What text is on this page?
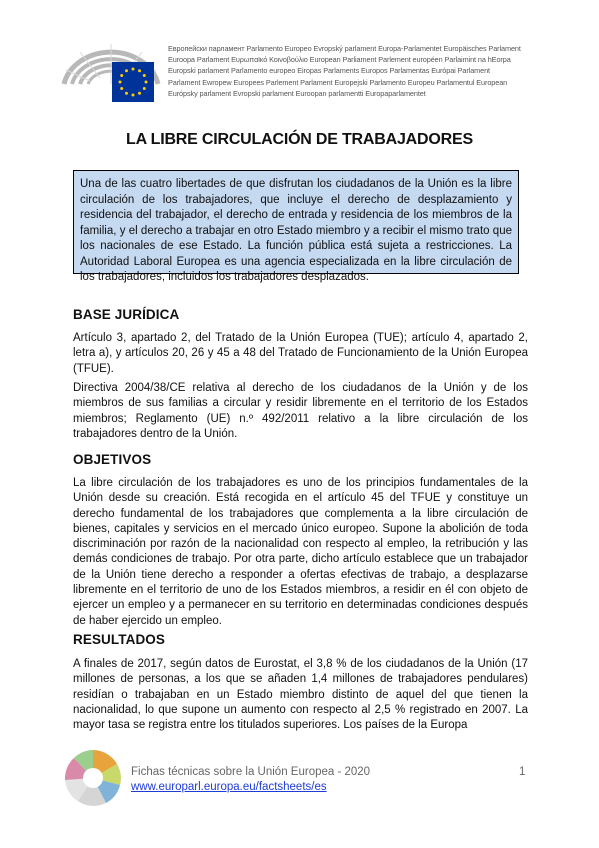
Европейски парламент Parlamento Europeo Evropský parlament Europa-Parlamentet Europäisches Parlament
Euroopa Parlament Ευρωπαϊκό Κοινοβούλιο European Parliament Parlement européen Parlaimint na hEorpa
Europski parlament Parlamento europeo Eiropas Parlaments Europos Parlamentas Európai Parlament
Parlament Ewropew Europees Parlement Parlament Europejski Parlamento Europeu Parlamentul European
Európsky parlament Evropski parlament Euroopan parlamentti Europaparlamentet
LA LIBRE CIRCULACIÓN DE TRABAJADORES
Una de las cuatro libertades de que disfrutan los ciudadanos de la Unión es la libre circulación de los trabajadores, que incluye el derecho de desplazamiento y residencia del trabajador, el derecho de entrada y residencia de los miembros de la familia, y el derecho a trabajar en otro Estado miembro y a recibir el mismo trato que los nacionales de ese Estado. La función pública está sujeta a restricciones. La Autoridad Laboral Europea es una agencia especializada en la libre circulación de los trabajadores, incluidos los trabajadores desplazados.
BASE JURÍDICA
Artículo 3, apartado 2, del Tratado de la Unión Europea (TUE); artículo 4, apartado 2, letra a), y artículos 20, 26 y 45 a 48 del Tratado de Funcionamiento de la Unión Europea (TFUE).
Directiva 2004/38/CE relativa al derecho de los ciudadanos de la Unión y de los miembros de sus familias a circular y residir libremente en el territorio de los Estados miembros; Reglamento (UE) n.º 492/2011 relativo a la libre circulación de los trabajadores dentro de la Unión.
OBJETIVOS
La libre circulación de los trabajadores es uno de los principios fundamentales de la Unión desde su creación. Está recogida en el artículo 45 del TFUE y constituye un derecho fundamental de los trabajadores que complementa a la libre circulación de bienes, capitales y servicios en el mercado único europeo. Supone la abolición de toda discriminación por razón de la nacionalidad con respecto al empleo, la retribución y las demás condiciones de trabajo. Por otra parte, dicho artículo establece que un trabajador de la Unión tiene derecho a responder a ofertas efectivas de trabajo, a desplazarse libremente en el territorio de uno de los Estados miembros, a residir en él con objeto de ejercer un empleo y a permanecer en su territorio en determinadas condiciones después de haber ejercido un empleo.
RESULTADOS
A finales de 2017, según datos de Eurostat, el 3,8 % de los ciudadanos de la Unión (17 millones de personas, a los que se añaden 1,4 millones de trabajadores pendulares) residían o trabajaban en un Estado miembro distinto de aquel del que tienen la nacionalidad, lo que supone un aumento con respecto al 2,5 % registrado en 2007. La mayor tasa se registra entre los titulados superiores. Los países de la Europa
Fichas técnicas sobre la Unión Europea - 2020
www.europarl.europa.eu/factsheets/es
1
